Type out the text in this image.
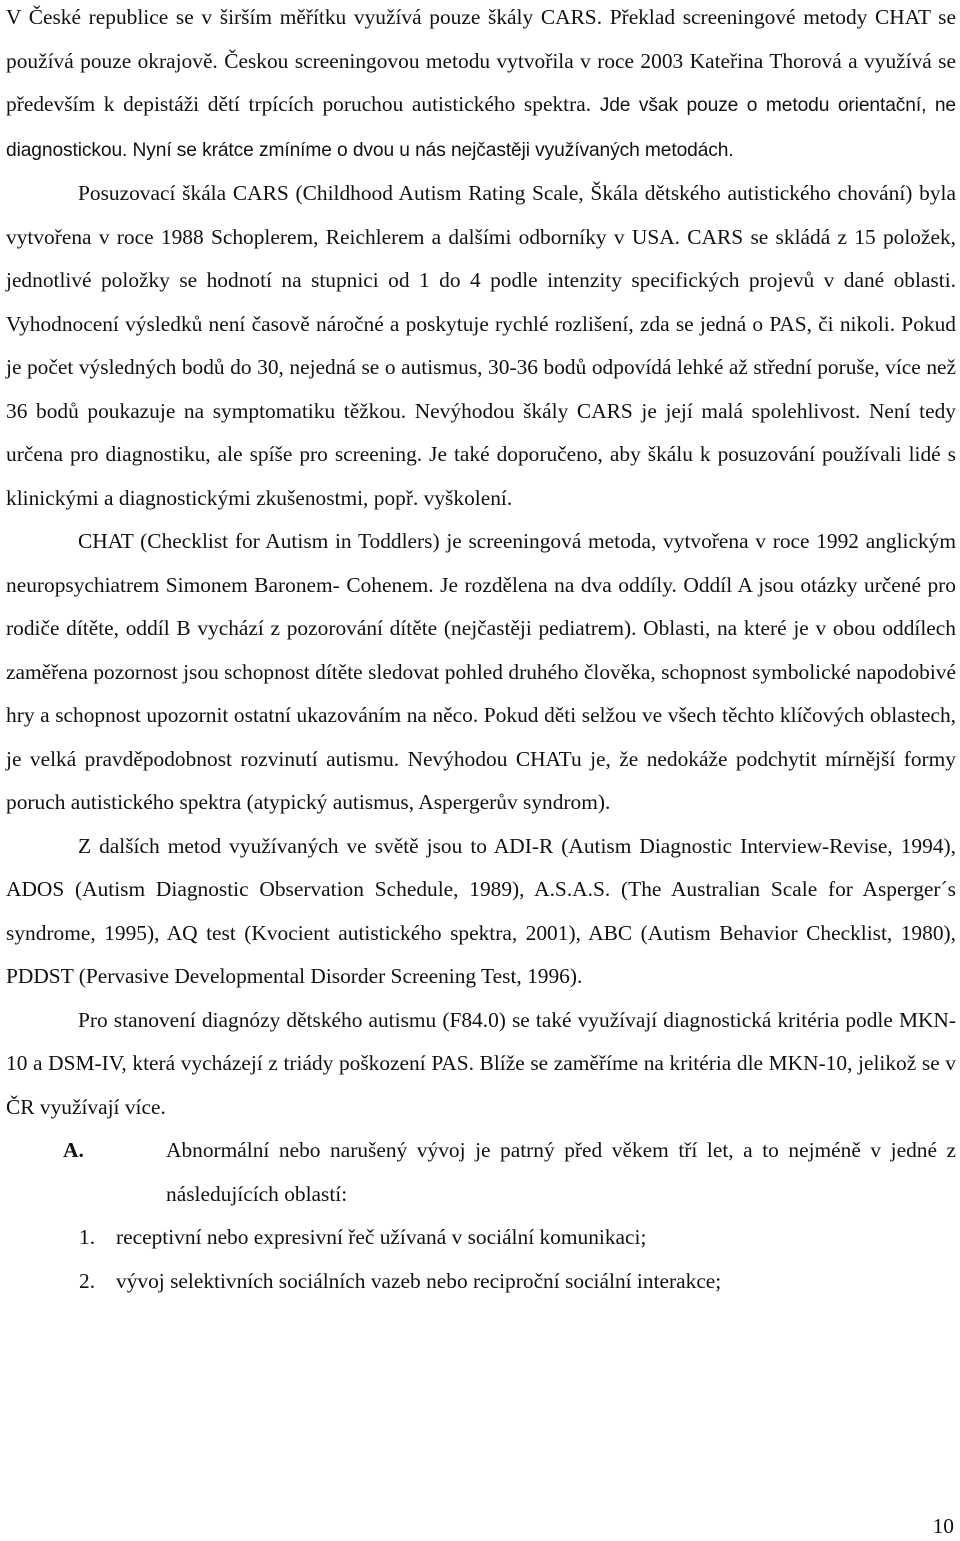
V České republice se v širším měřítku využívá pouze škály CARS. Překlad screeningové metody CHAT se používá pouze okrajově. Českou screeningovou metodu vytvořila v roce 2003 Kateřina Thorová a využívá se především k depistáži dětí trpících poruchou autistického spektra. Jde však pouze o metodu orientační, ne diagnostickou. Nyní se krátce zmíníme o dvou u nás nejčastěji využívaných metodách.

Posuzovací škála CARS (Childhood Autism Rating Scale, Škála dětského autistického chování) byla vytvořena v roce 1988 Schoplerem, Reichlerem a dalšími odborníky v USA. CARS se skládá z 15 položek, jednotlivé položky se hodnotí na stupnici od 1 do 4 podle intenzity specifických projevů v dané oblasti. Vyhodnocení výsledků není časově náročné a poskytuje rychlé rozlišení, zda se jedná o PAS, či nikoli. Pokud je počet výsledných bodů do 30, nejedná se o autismus, 30-36 bodů odpovídá lehké až střední poruše, více než 36 bodů poukazuje na symptomatiku těžkou. Nevýhodou škály CARS je její malá spolehlivost. Není tedy určena pro diagnostiku, ale spíše pro screening. Je také doporučeno, aby škálu k posuzování používali lidé s klinickými a diagnostickými zkušenostmi, popř. vyškolení.

CHAT (Checklist for Autism in Toddlers) je screeningová metoda, vytvořena v roce 1992 anglickým neuropsychiatrem Simonem Baronem- Cohenem. Je rozdělena na dva oddíly. Oddíl A jsou otázky určené pro rodiče dítěte, oddíl B vychází z pozorování dítěte (nejčastěji pediatrem). Oblasti, na které je v obou oddílech zaměřena pozornost jsou schopnost dítěte sledovat pohled druhého člověka, schopnost symbolické napodobivé hry a schopnost upozornit ostatní ukazováním na něco. Pokud děti selžou ve všech těchto klíčových oblastech, je velká pravděpodobnost rozvinutí autismu. Nevýhodou CHATu je, že nedokáže podchytit mírnější formy poruch autistického spektra (atypický autismus, Aspergerův syndrom).

Z dalších metod využívaných ve světě jsou to ADI-R (Autism Diagnostic Interview-Revise, 1994), ADOS (Autism Diagnostic Observation Schedule, 1989), A.S.A.S. (The Australian Scale for Asperger´s syndrome, 1995), AQ test (Kvocient autistického spektra, 2001), ABC (Autism Behavior Checklist, 1980), PDDST (Pervasive Developmental Disorder Screening Test, 1996).

Pro stanovení diagnózy dětského autismu (F84.0) se také využívají diagnostická kritéria podle MKN-10 a DSM-IV, která vycházejí z triády poškození PAS. Blíže se zaměříme na kritéria dle MKN-10, jelikož se v ČR využívají více.

A.	Abnormální nebo narušený vývoj je patrný před věkem tří let, a to nejméně v jedné z následujících oblastí:
1. receptivní nebo expresivní řeč užívaná v sociální komunikaci;
2. vývoj selektivních sociálních vazeb nebo reciproční sociální interakce;
10
